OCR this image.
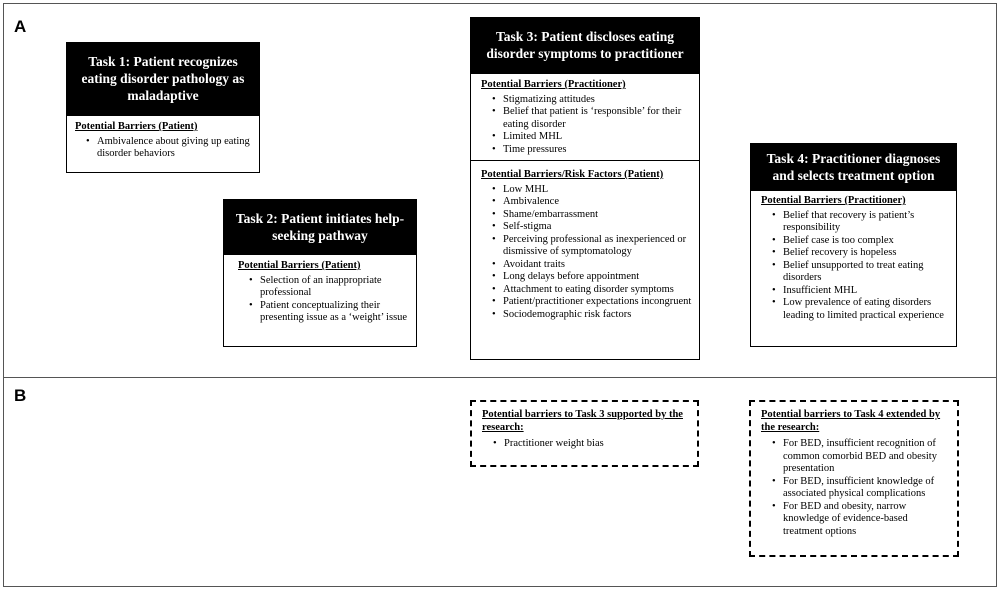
A
B
Task 1: Patient recognizes eating disorder pathology as maladaptive
Potential Barriers (Patient)
• Ambivalence about giving up eating disorder behaviors
Task 2: Patient initiates help-seeking pathway
Potential Barriers (Patient)
• Selection of an inappropriate professional
• Patient conceptualizing their presenting issue as a ‘weight’ issue
Task 3: Patient discloses eating disorder symptoms to practitioner
Potential Barriers (Practitioner)
• Stigmatizing attitudes
• Belief that patient is ‘responsible’ for their eating disorder
• Limited MHL
• Time pressures
Potential Barriers/Risk Factors (Patient)
• Low MHL
• Ambivalence
• Shame/embarrassment
• Self-stigma
• Perceiving professional as inexperienced or dismissive of symptomatology
• Avoidant traits
• Long delays before appointment
• Attachment to eating disorder symptoms
• Patient/practitioner expectations incongruent
• Sociodemographic risk factors
Task 4: Practitioner diagnoses and selects treatment option
Potential Barriers (Practitioner)
• Belief that recovery is patient’s responsibility
• Belief case is too complex
• Belief recovery is hopeless
• Belief unsupported to treat eating disorders
• Insufficient MHL
• Low prevalence of eating disorders leading to limited practical experience
Potential barriers to Task 3 supported by the research:
• Practitioner weight bias
Potential barriers to Task 4 extended by the research:
• For BED, insufficient recognition of common comorbid BED and obesity presentation
• For BED, insufficient knowledge of associated physical complications
• For BED and obesity, narrow knowledge of evidence-based treatment options
